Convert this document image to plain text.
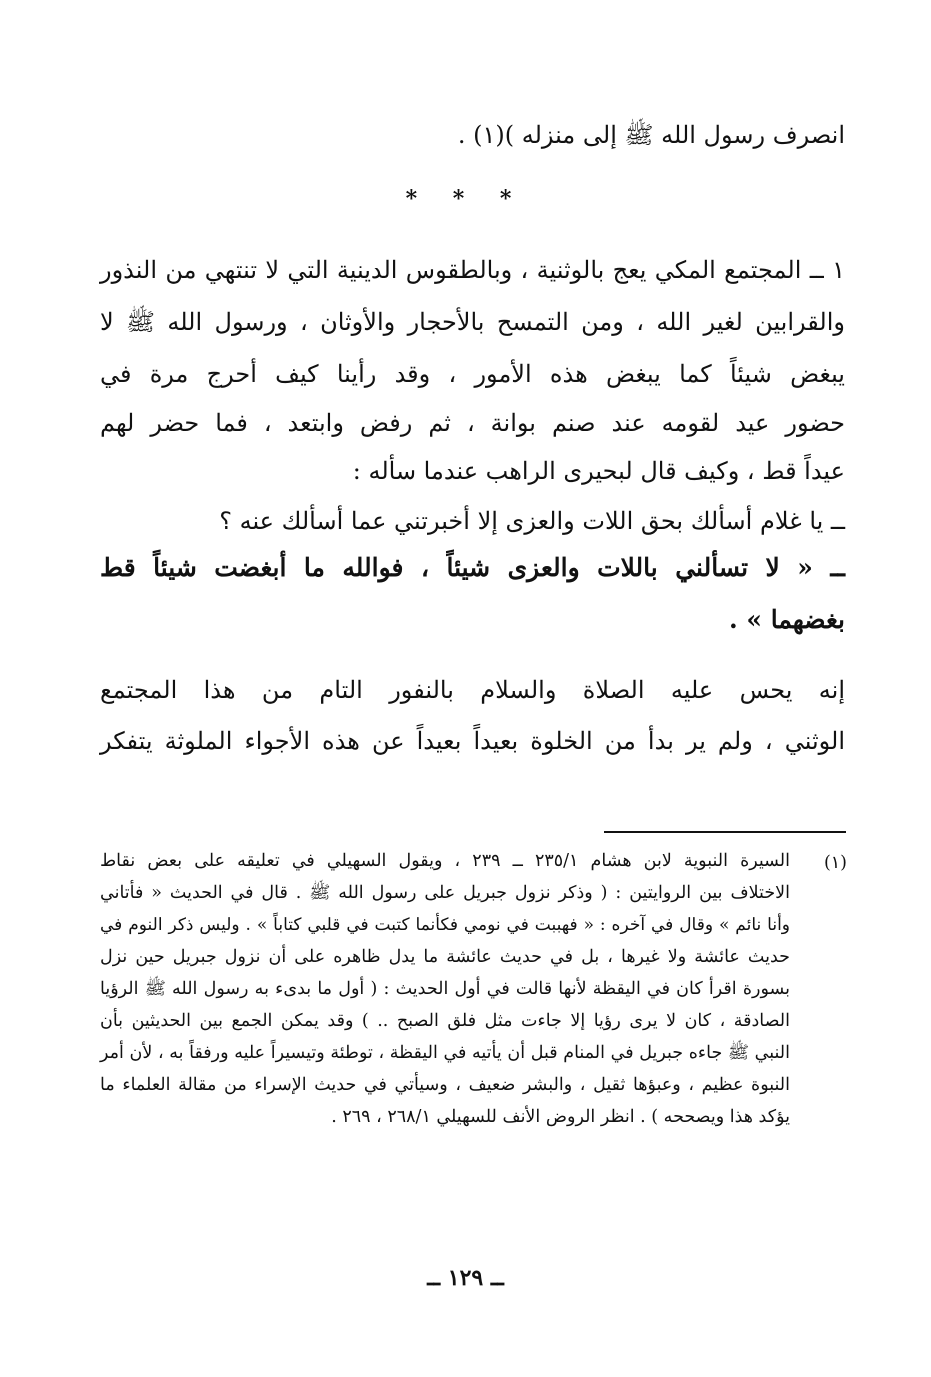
انصرف رسول الله ﷺ إلى منزله )(١) .
* * *
١ ــ المجتمع المكي يعج بالوثنية ، وبالطقوس الدينية التي لا تنتهي من النذور
والقرابين لغير الله ، ومن التمسح بالأحجار والأوثان ، ورسول الله ﷺ لا
يبغض شيئاً كما يبغض هذه الأمور ، وقد رأينا كيف أحرج مرة في
حضور عيد لقومه عند صنم بوانة ، ثم رفض وابتعد ، فما حضر لهم
عيداً قط ، وكيف قال لبحيرى الراهب عندما سأله :
ــ يا غلام أسألك بحق اللات والعزى إلا أخبرتني عما أسألك عنه ؟
ــ « لا تسألني باللات والعزى شيئاً ، فوالله ما أبغضت شيئاً قط
بغضهما » .
إنه يحس عليه الصلاة والسلام بالنفور التام من هذا المجتمع
الوثني ، ولم ير بدأ من الخلوة بعيداً بعيداً عن هذه الأجواء الملوثة يتفكر
(١)
السيرة النبوية لابن هشام ٢٣٥/١ ــ ٢٣٩ ، ويقول السهيلي في تعليقه على بعض نقاط
الاختلاف بين الروايتين : ( وذكر نزول جبريل على رسول الله ﷺ . قال في الحديث « فأتاني
وأنا نائم » وقال في آخره : « فهببت في نومي فكأنما كتبت في قلبي كتاباً » . وليس ذكر النوم في
حديث عائشة ولا غيرها ، بل في حديث عائشة ما يدل ظاهره على أن نزول جبريل حين نزل
بسورة اقرأ كان في اليقظة لأنها قالت في أول الحديث : ( أول ما بدىء به رسول الله ﷺ الرؤيا
الصادقة ، كان لا يرى رؤيا إلا جاءت مثل فلق الصبح .. ) وقد يمكن الجمع بين الحديثين بأن
النبي ﷺ جاءه جبريل في المنام قبل أن يأتيه في اليقظة ، توطئة وتيسيراً عليه ورفقاً به ، لأن أمر
النبوة عظيم ، وعبؤها ثقيل ، والبشر ضعيف ، وسيأتي في حديث الإسراء من مقالة العلماء ما
يؤكد هذا ويصححه ) . انظر الروض الأنف للسهيلي ٢٦٨/١ ، ٢٦٩ .
ــ ١٢٩ ــ
